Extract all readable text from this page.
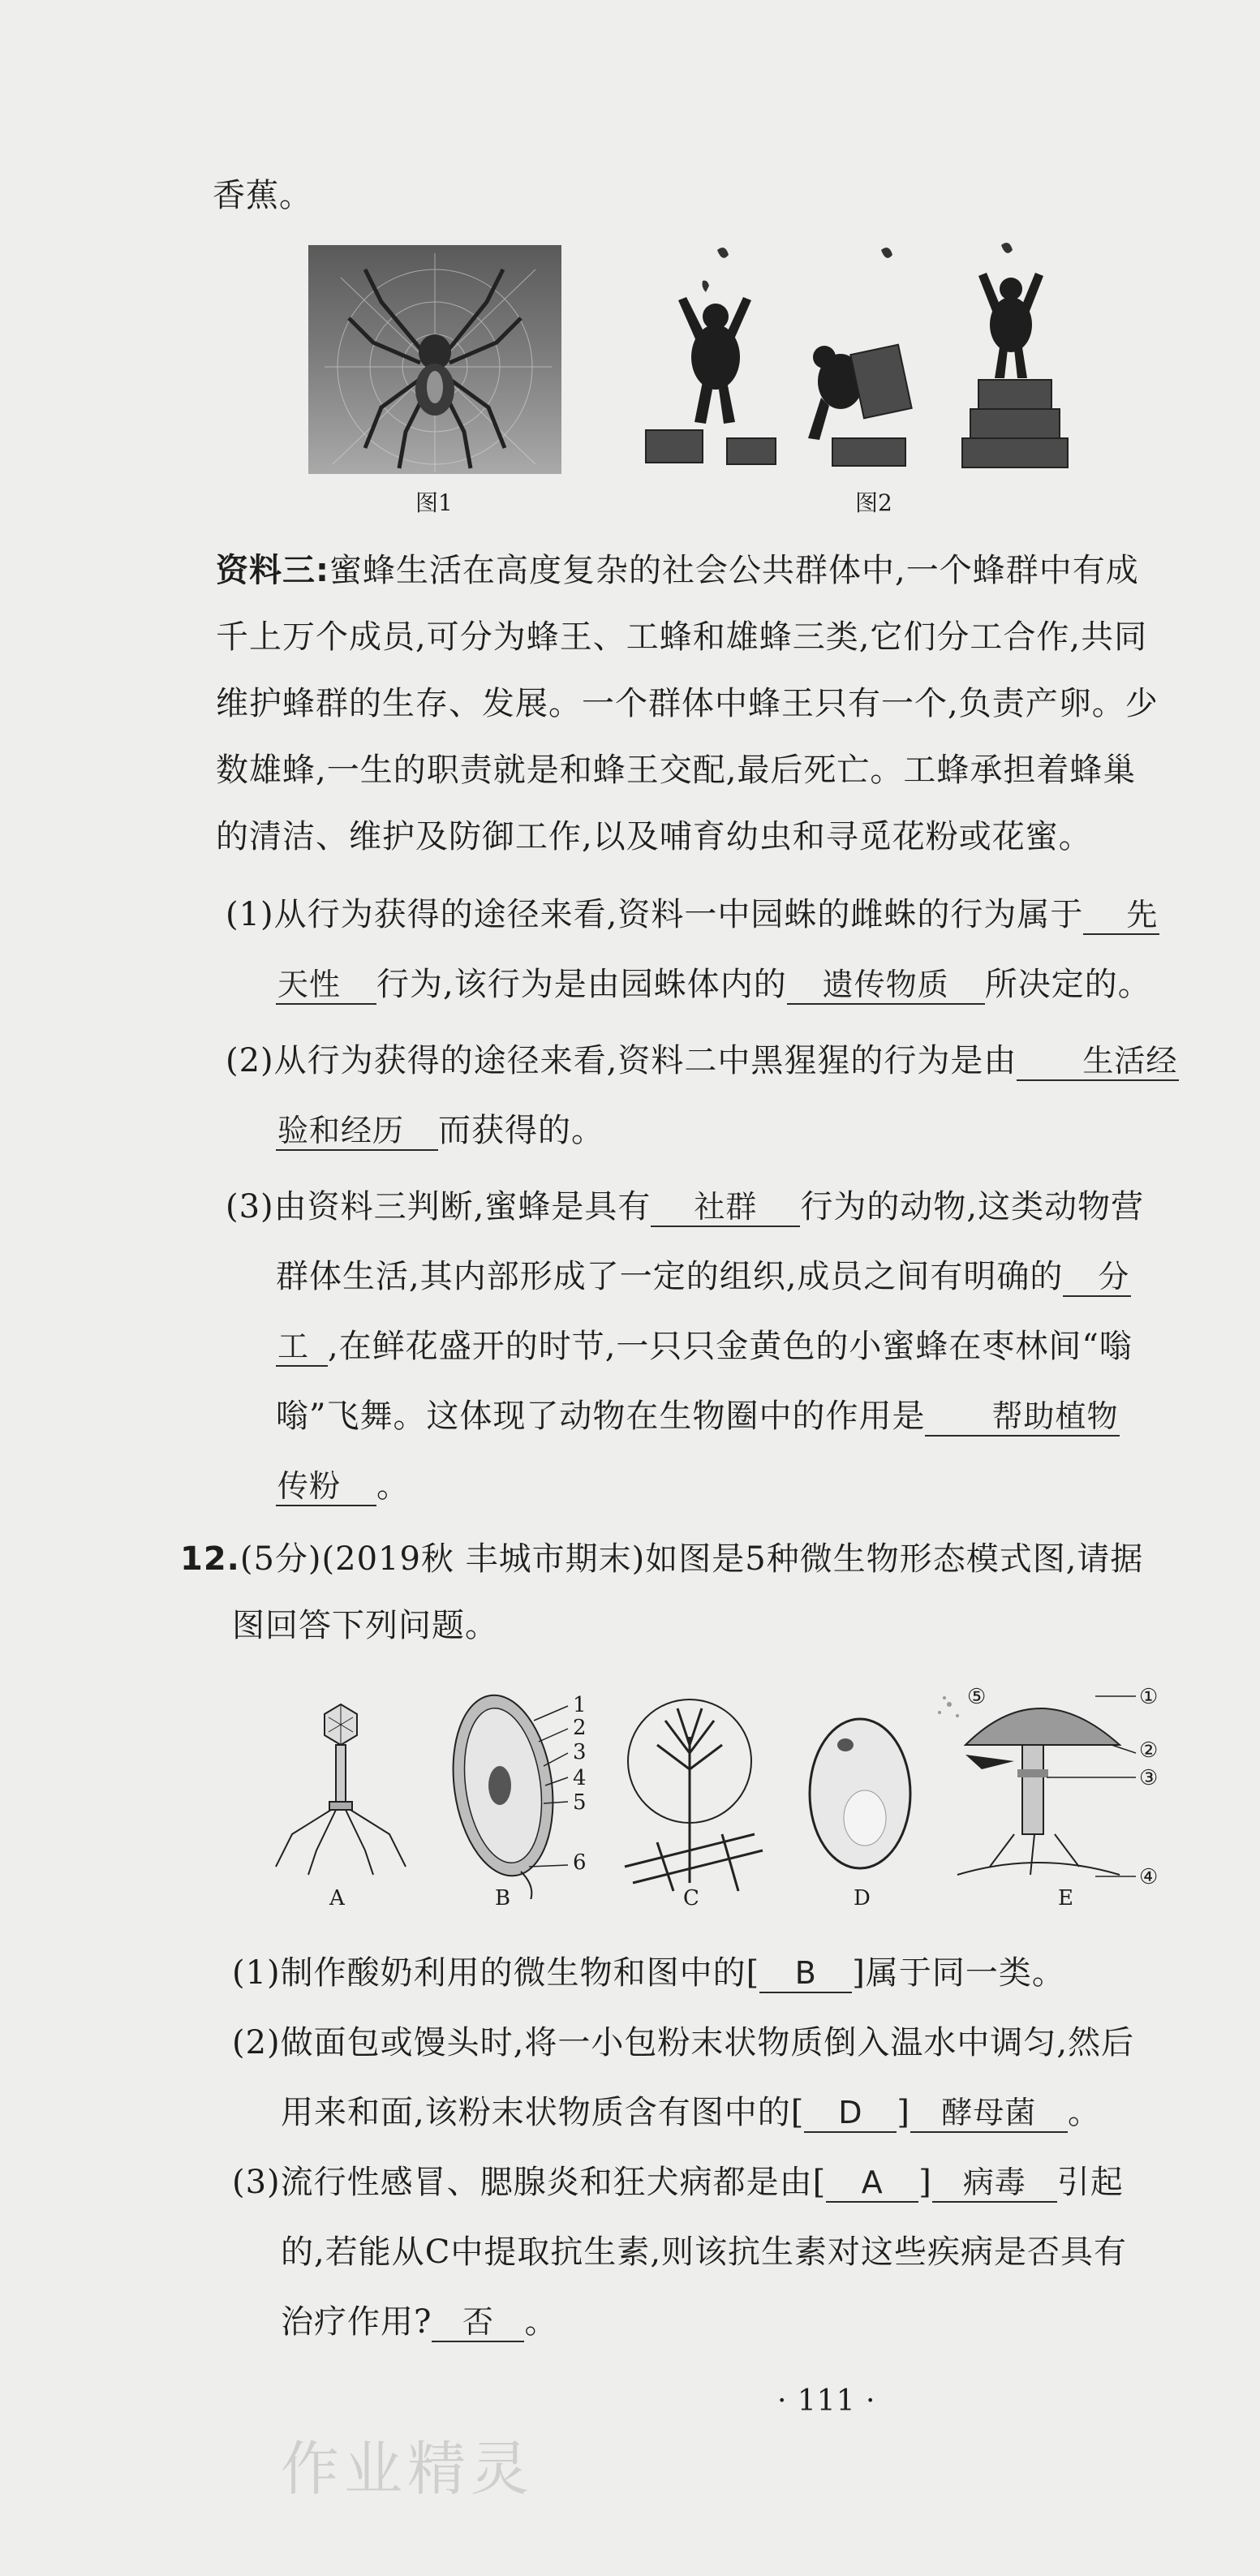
香蕉。
图1	图2
资料三:蜜蜂生活在高度复杂的社会公共群体中,一个蜂群中有成
千上万个成员,可分为蜂王、工蜂和雄蜂三类,它们分工合作,共同
维护蜂群的生存、发展。一个群体中蜂王只有一个,负责产卵。少
数雄蜂,一生的职责就是和蜂王交配,最后死亡。工蜂承担着蜂巢
的清洁、维护及防御工作,以及哺育幼虫和寻觅花粉或花蜜。
(1)从行为获得的途径来看,资料一中园蛛的雌蛛的行为属于 先
天性 行为,该行为是由园蛛体内的 遗传物质 所决定的。
(2)从行为获得的途径来看,资料二中黑猩猩的行为是由 生活经
验和经历 而获得的。
(3)由资料三判断,蜜蜂是具有 社群 行为的动物,这类动物营
群体生活,其内部形成了一定的组织,成员之间有明确的 分
工 ,在鲜花盛开的时节,一只只金黄色的小蜜蜂在枣林间“嗡
嗡”飞舞。这体现了动物在生物圈中的作用是 帮助植物
传粉 。
12.(5分)(2019秋 丰城市期末)如图是5种微生物形态模式图,请据
图回答下列问题。
A	B	C	D	E
1
2
3
4
5
6
①
②
③
④
⑤
(1)制作酸奶利用的微生物和图中的[ B ]属于同一类。
(2)做面包或馒头时,将一小包粉末状物质倒入温水中调匀,然后
用来和面,该粉末状物质含有图中的[ D ] 酵母菌 。
(3)流行性感冒、腮腺炎和狂犬病都是由[ A ] 病毒 引起
的,若能从C中提取抗生素,则该抗生素对这些疾病是否具有
治疗作用? 否 。
· 111 ·
作业精灵
